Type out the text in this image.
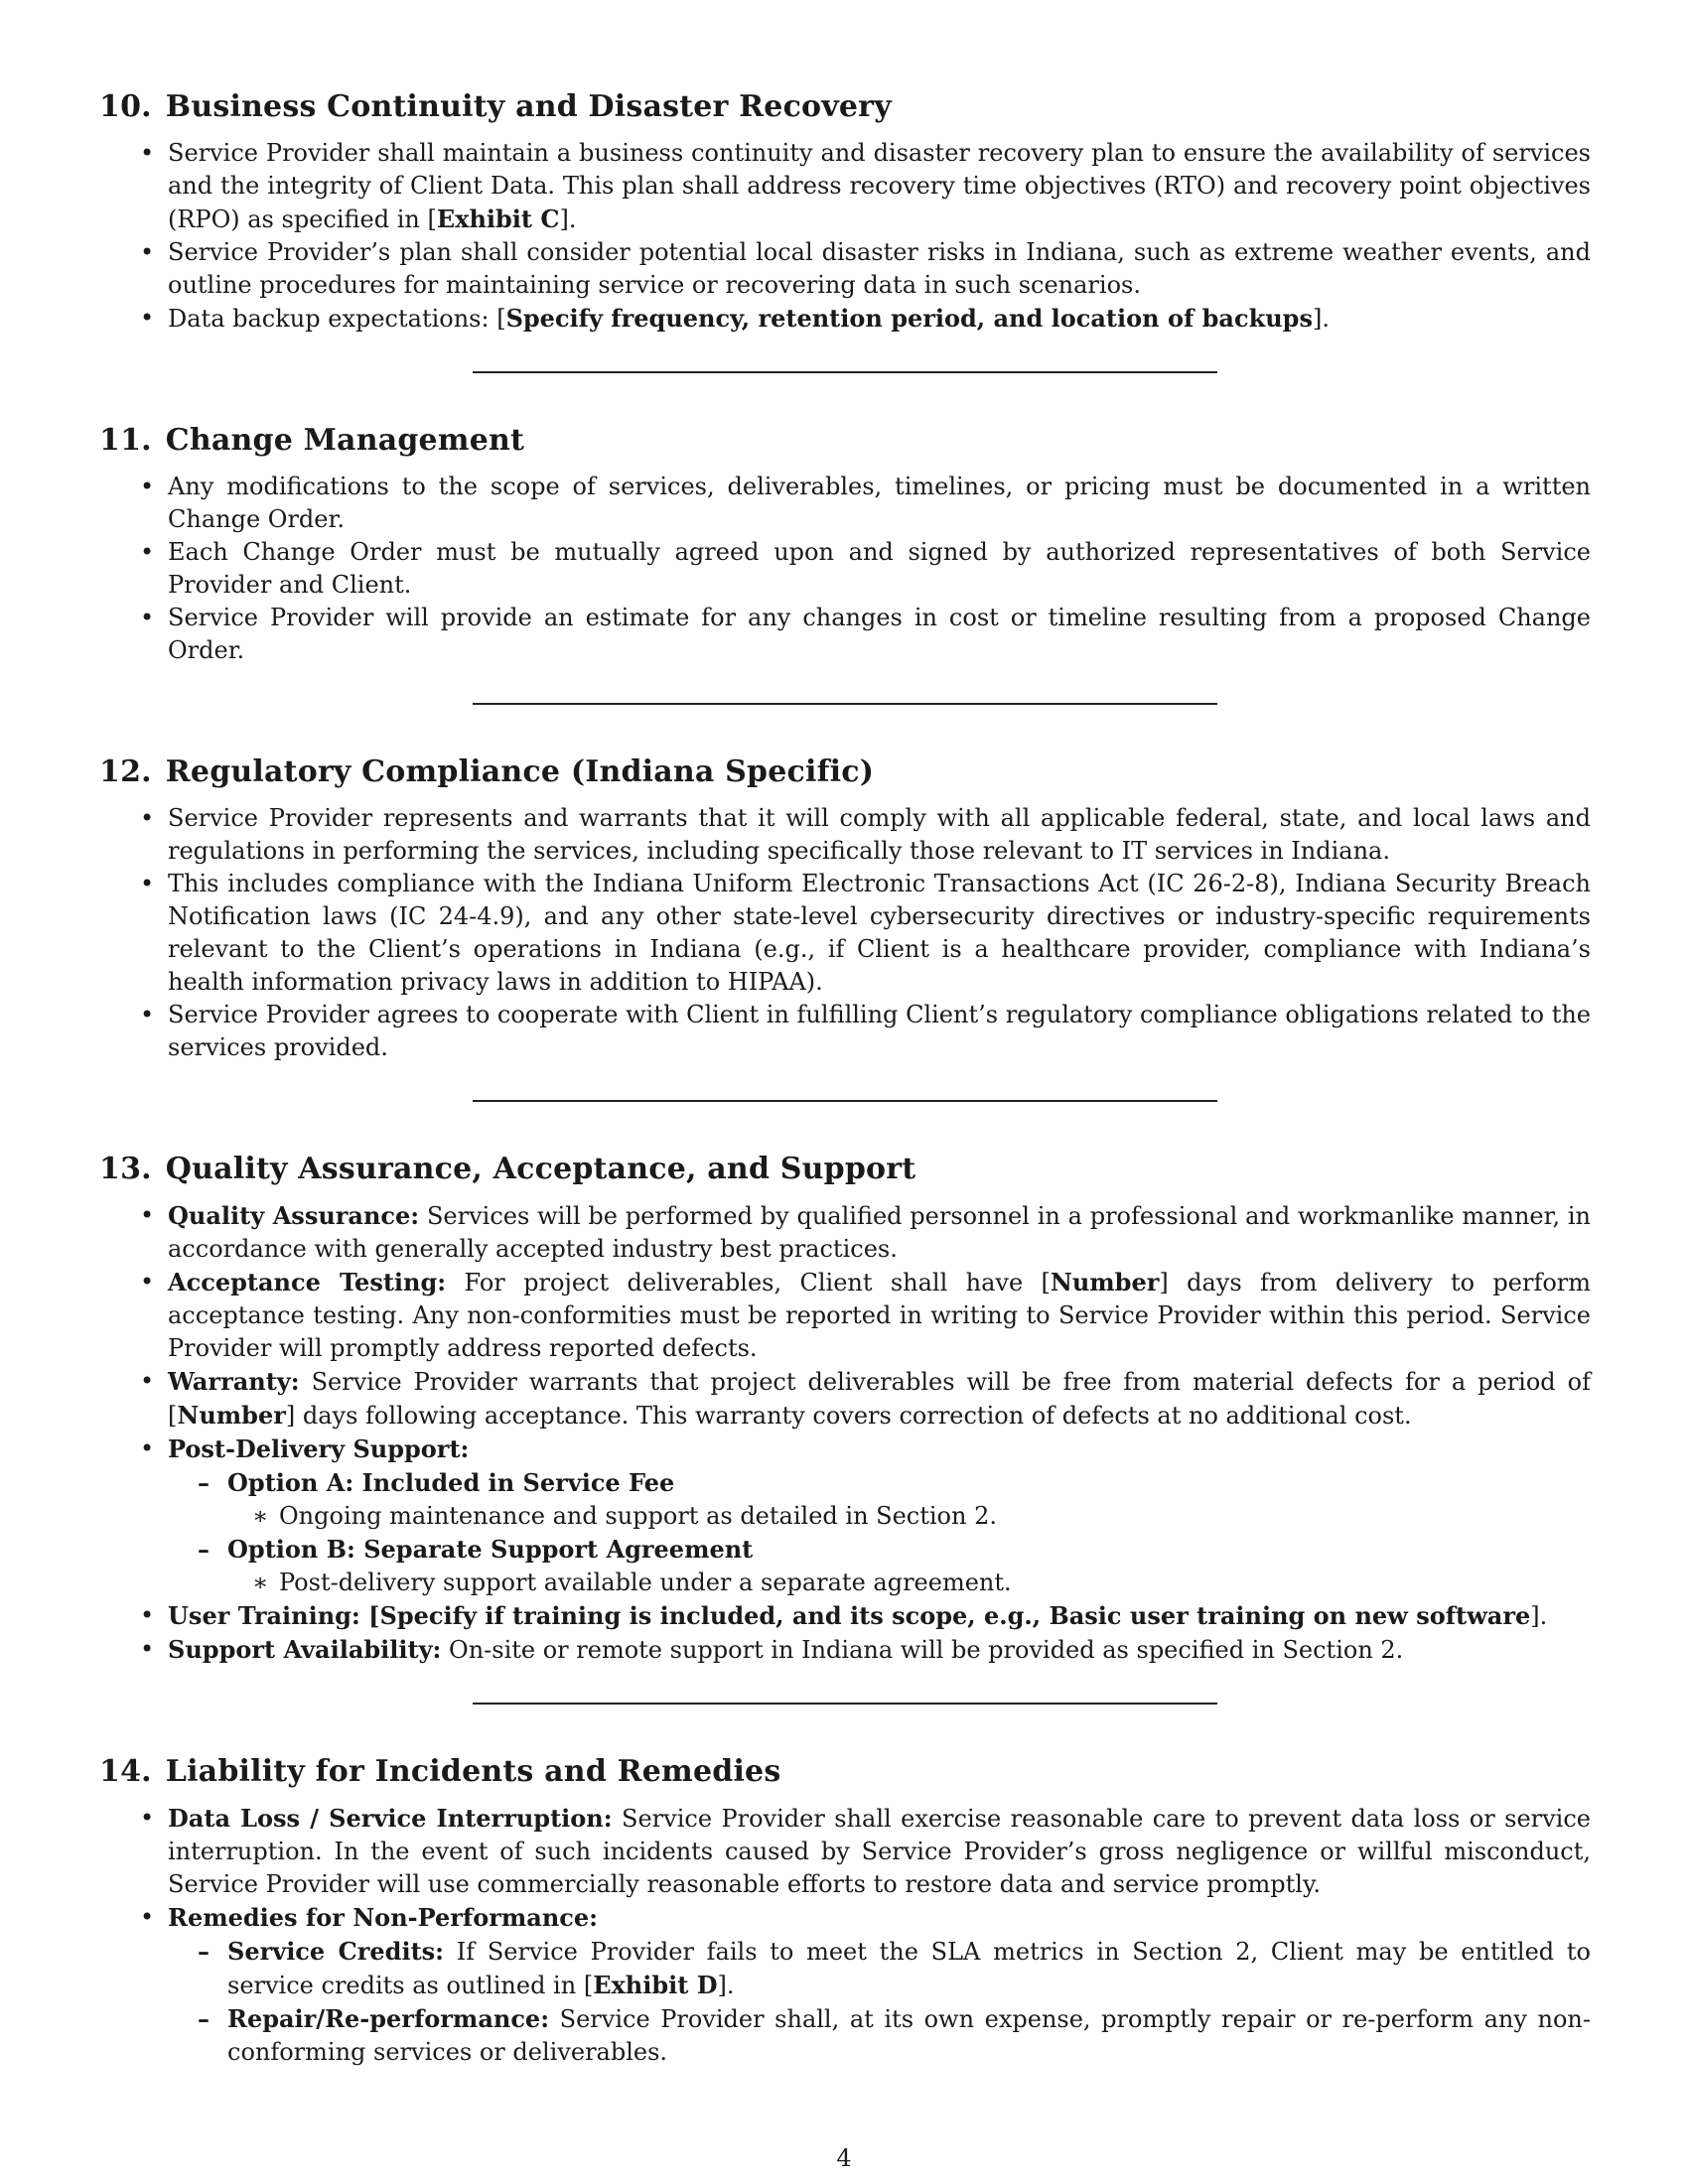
10. Business Continuity and Disaster Recovery
• Service Provider shall maintain a business continuity and disaster recovery plan to ensure the availability of services and the integrity of Client Data. This plan shall address recovery time objectives (RTO) and recovery point objectives (RPO) as specified in [Exhibit C].
• Service Provider’s plan shall consider potential local disaster risks in Indiana, such as extreme weather events, and outline procedures for maintaining service or recovering data in such scenarios.
• Data backup expectations: [Specify frequency, retention period, and location of backups].
11. Change Management
• Any modifications to the scope of services, deliverables, timelines, or pricing must be documented in a written Change Order.
• Each Change Order must be mutually agreed upon and signed by authorized representatives of both Service Provider and Client.
• Service Provider will provide an estimate for any changes in cost or timeline resulting from a proposed Change Order.
12. Regulatory Compliance (Indiana Specific)
• Service Provider represents and warrants that it will comply with all applicable federal, state, and local laws and regulations in performing the services, including specifically those relevant to IT services in Indiana.
• This includes compliance with the Indiana Uniform Electronic Transactions Act (IC 26-2-8), Indiana Security Breach Notification laws (IC 24-4.9), and any other state-level cybersecurity directives or industry-specific requirements relevant to the Client’s operations in Indiana (e.g., if Client is a healthcare provider, compliance with Indiana’s health information privacy laws in addition to HIPAA).
• Service Provider agrees to cooperate with Client in fulfilling Client’s regulatory compliance obligations related to the services provided.
13. Quality Assurance, Acceptance, and Support
• Quality Assurance: Services will be performed by qualified personnel in a professional and workmanlike manner, in accordance with generally accepted industry best practices.
• Acceptance Testing: For project deliverables, Client shall have [Number] days from delivery to perform acceptance testing. Any non-conformities must be reported in writing to Service Provider within this period. Service Provider will promptly address reported defects.
• Warranty: Service Provider warrants that project deliverables will be free from material defects for a period of [Number] days following acceptance. This warranty covers correction of defects at no additional cost.
• Post-Delivery Support:
– Option A: Included in Service Fee
∗ Ongoing maintenance and support as detailed in Section 2.
– Option B: Separate Support Agreement
∗ Post-delivery support available under a separate agreement.
• User Training: [Specify if training is included, and its scope, e.g., Basic user training on new software].
• Support Availability: On-site or remote support in Indiana will be provided as specified in Section 2.
14. Liability for Incidents and Remedies
• Data Loss / Service Interruption: Service Provider shall exercise reasonable care to prevent data loss or service interruption. In the event of such incidents caused by Service Provider’s gross negligence or willful misconduct, Service Provider will use commercially reasonable efforts to restore data and service promptly.
• Remedies for Non-Performance:
– Service Credits: If Service Provider fails to meet the SLA metrics in Section 2, Client may be entitled to service credits as outlined in [Exhibit D].
– Repair/Re-performance: Service Provider shall, at its own expense, promptly repair or re-perform any non-conforming services or deliverables.
4
